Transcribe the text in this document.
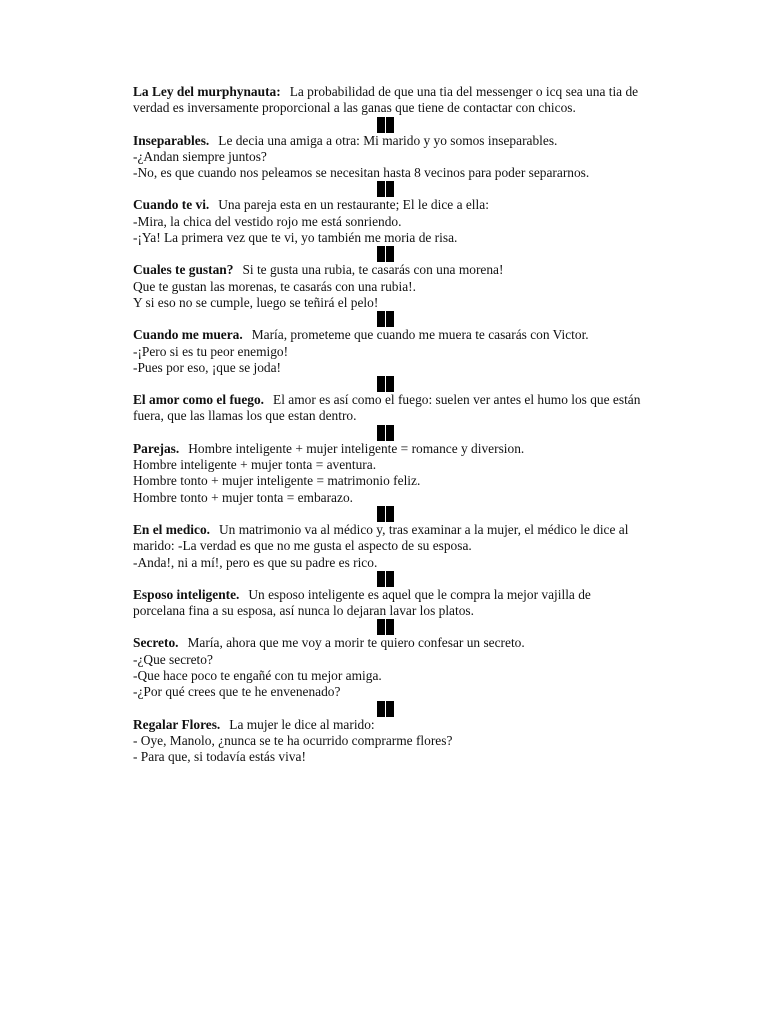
La Ley del murphynauta: La probabilidad de que una tia del messenger o icq sea una tia de verdad es inversamente proporcional a las ganas que tiene de contactar con chicos.

Inseparables. Le decia una amiga a otra: Mi marido y yo somos inseparables.

-¿Andan siempre juntos?

-No, es que cuando nos peleamos se necesitan hasta 8 vecinos para poder separarnos.

Cuando te vi. Una pareja esta en un restaurante; El le dice a ella:

-Mira, la chica del vestido rojo me está sonriendo.

-¡Ya! La primera vez que te vi, yo también me moria de risa.

Cuales te gustan? Si te gusta una rubia, te casarás con una morena!

Que te gustan las morenas, te casarás con una rubia!.

Y si eso no se cumple, luego se teñirá el pelo!

Cuando me muera. María, prometeme que cuando me muera te casarás con Victor.

-¡Pero si es tu peor enemigo!

-Pues por eso, ¡que se joda!

El amor como el fuego. El amor es así como el fuego: suelen ver antes el humo los que están fuera, que las llamas los que estan dentro.

Parejas. Hombre inteligente + mujer inteligente = romance y diversion.

Hombre inteligente + mujer tonta = aventura.

Hombre tonto + mujer inteligente = matrimonio feliz.

Hombre tonto + mujer tonta = embarazo.

En el medico. Un matrimonio va al médico y, tras examinar a la mujer, el médico le dice al marido: -La verdad es que no me gusta el aspecto de su esposa.

-Anda!, ni a mí!, pero es que su padre es rico.

Esposo inteligente. Un esposo inteligente es aquel que le compra la mejor vajilla de porcelana fina a su esposa, así nunca lo dejaran lavar los platos.

Secreto. María, ahora que me voy a morir te quiero confesar un secreto.

-¿Que secreto?

-Que hace poco te engañé con tu mejor amiga.

-¿Por qué crees que te he envenenado?

Regalar Flores. La mujer le dice al marido:

- Oye, Manolo, ¿nunca se te ha ocurrido comprarme flores?

- Para que, si todavía estás viva!
